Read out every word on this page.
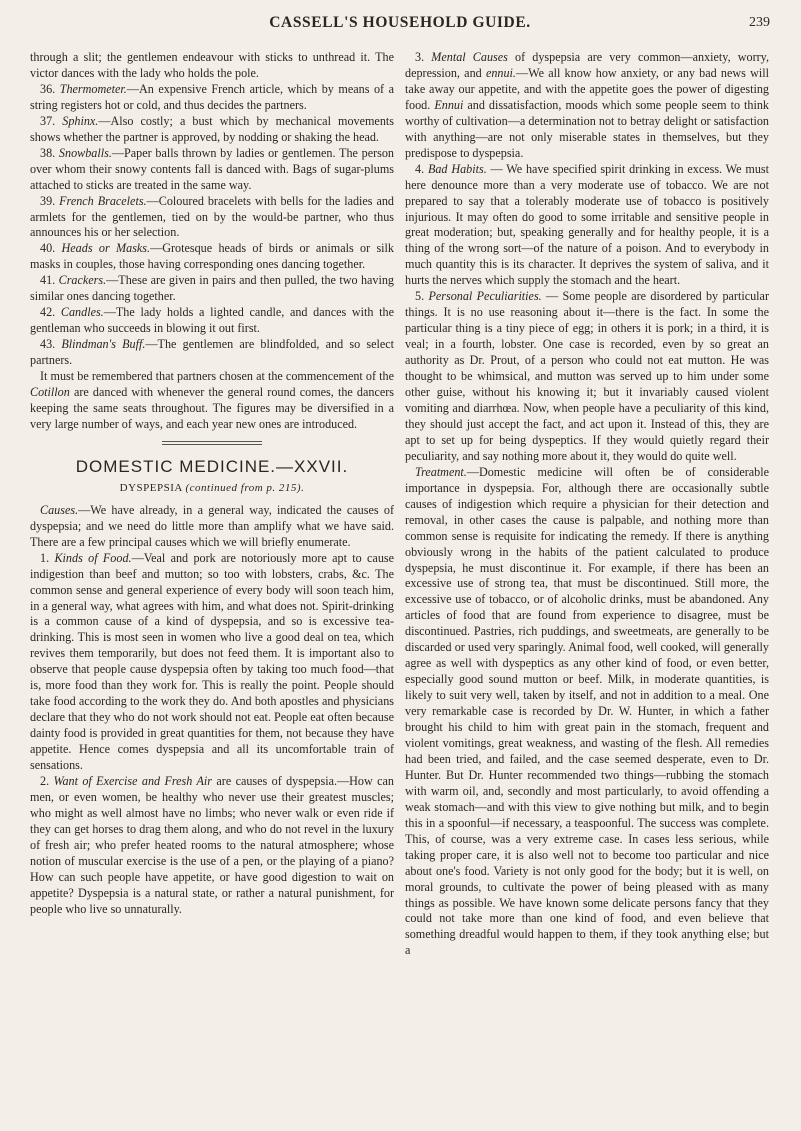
CASSELL'S HOUSEHOLD GUIDE.	239

through a slit; the gentlemen endeavour with sticks to unthread it. The victor dances with the lady who holds the pole.

36. Thermometer.—An expensive French article, which by means of a string registers hot or cold, and thus decides the partners.

37. Sphinx.—Also costly; a bust which by mechanical movements shows whether the partner is approved, by nodding or shaking the head.

38. Snowballs.—Paper balls thrown by ladies or gentlemen. The person over whom their snowy contents fall is danced with. Bags of sugar-plums attached to sticks are treated in the same way.

39. French Bracelets.—Coloured bracelets with bells for the ladies and armlets for the gentlemen, tied on by the would-be partner, who thus announces his or her selection.

40. Heads or Masks.—Grotesque heads of birds or animals or silk masks in couples, those having corresponding ones dancing together.

41. Crackers.—These are given in pairs and then pulled, the two having similar ones dancing together.

42. Candles.—The lady holds a lighted candle, and dances with the gentleman who succeeds in blowing it out first.

43. Blindman's Buff.—The gentlemen are blindfolded, and so select partners.

It must be remembered that partners chosen at the commencement of the Cotillon are danced with whenever the general round comes, the dancers keeping the same seats throughout. The figures may be diversified in a very large number of ways, and each year new ones are introduced.

DOMESTIC MEDICINE.—XXVII.
DYSPEPSIA (continued from p. 215).

Causes.—We have already, in a general way, indicated the causes of dyspepsia; and we need do little more than amplify what we have said. There are a few principal causes which we will briefly enumerate.

1. Kinds of Food.—Veal and pork are notoriously more apt to cause indigestion than beef and mutton; so too with lobsters, crabs, &c. The common sense and general experience of every body will soon teach him, in a general way, what agrees with him, and what does not. Spirit-drinking is a common cause of a kind of dyspepsia, and so is excessive tea-drinking. This is most seen in women who live a good deal on tea, which revives them temporarily, but does not feed them. It is important also to observe that people cause dyspepsia often by taking too much food—that is, more food than they work for. This is really the point. People should take food according to the work they do. And both apostles and physicians declare that they who do not work should not eat. People eat often because dainty food is provided in great quantities for them, not because they have appetite. Hence comes dyspepsia and all its uncomfortable train of sensations.

2. Want of Exercise and Fresh Air are causes of dyspepsia.—How can men, or even women, be healthy who never use their greatest muscles; who might as well almost have no limbs; who never walk or even ride if they can get horses to drag them along, and who do not revel in the luxury of fresh air; who prefer heated rooms to the natural atmosphere; whose notion of muscular exercise is the use of a pen, or the playing of a piano? How can such people have appetite, or have good digestion to wait on appetite? Dyspepsia is a natural state, or rather a natural punishment, for people who live so unnaturally.

3. Mental Causes of dyspepsia are very common—anxiety, worry, depression, and ennui.—We all know how anxiety, or any bad news will take away our appetite, and with the appetite goes the power of digesting food. Ennui and dissatisfaction, moods which some people seem to think worthy of cultivation—a determination not to betray delight or satisfaction with anything—are not only miserable states in themselves, but they predispose to dyspepsia.

4. Bad Habits. — We have specified spirit drinking in excess. We must here denounce more than a very moderate use of tobacco. We are not prepared to say that a tolerably moderate use of tobacco is positively injurious. It may often do good to some irritable and sensitive people in great moderation; but, speaking generally and for healthy people, it is a thing of the wrong sort—of the nature of a poison. And to everybody in much quantity this is its character. It deprives the system of saliva, and it hurts the nerves which supply the stomach and the heart.

5. Personal Peculiarities. — Some people are disordered by particular things. It is no use reasoning about it—there is the fact. In some the particular thing is a tiny piece of egg; in others it is pork; in a third, it is veal; in a fourth, lobster. One case is recorded, even by so great an authority as Dr. Prout, of a person who could not eat mutton. He was thought to be whimsical, and mutton was served up to him under some other guise, without his knowing it; but it invariably caused violent vomiting and diarrhœa. Now, when people have a peculiarity of this kind, they should just accept the fact, and act upon it. Instead of this, they are apt to set up for being dyspeptics. If they would quietly regard their peculiarity, and say nothing more about it, they would do quite well.

Treatment.—Domestic medicine will often be of considerable importance in dyspepsia. For, although there are occasionally subtle causes of indigestion which require a physician for their detection and removal, in other cases the cause is palpable, and nothing more than common sense is requisite for indicating the remedy. If there is anything obviously wrong in the habits of the patient calculated to produce dyspepsia, he must discontinue it. For example, if there has been an excessive use of strong tea, that must be discontinued. Still more, the excessive use of tobacco, or of alcoholic drinks, must be abandoned. Any articles of food that are found from experience to disagree, must be discontinued. Pastries, rich puddings, and sweetmeats, are generally to be discarded or used very sparingly. Animal food, well cooked, will generally agree as well with dyspeptics as any other kind of food, or even better, especially good sound mutton or beef. Milk, in moderate quantities, is likely to suit very well, taken by itself, and not in addition to a meal. One very remarkable case is recorded by Dr. W. Hunter, in which a father brought his child to him with great pain in the stomach, frequent and violent vomitings, great weakness, and wasting of the flesh. All remedies had been tried, and failed, and the case seemed desperate, even to Dr. Hunter. But Dr. Hunter recommended two things—rubbing the stomach with warm oil, and, secondly and most particularly, to avoid offending a weak stomach—and with this view to give nothing but milk, and to begin this in a spoonful—if necessary, a teaspoonful. The success was complete. This, of course, was a very extreme case. In cases less serious, while taking proper care, it is also well not to become too particular and nice about one's food. Variety is not only good for the body; but it is well, on moral grounds, to cultivate the power of being pleased with as many things as possible. We have known some delicate persons fancy that they could not take more than one kind of food, and even believe that something dreadful would happen to them, if they took anything else; but a
